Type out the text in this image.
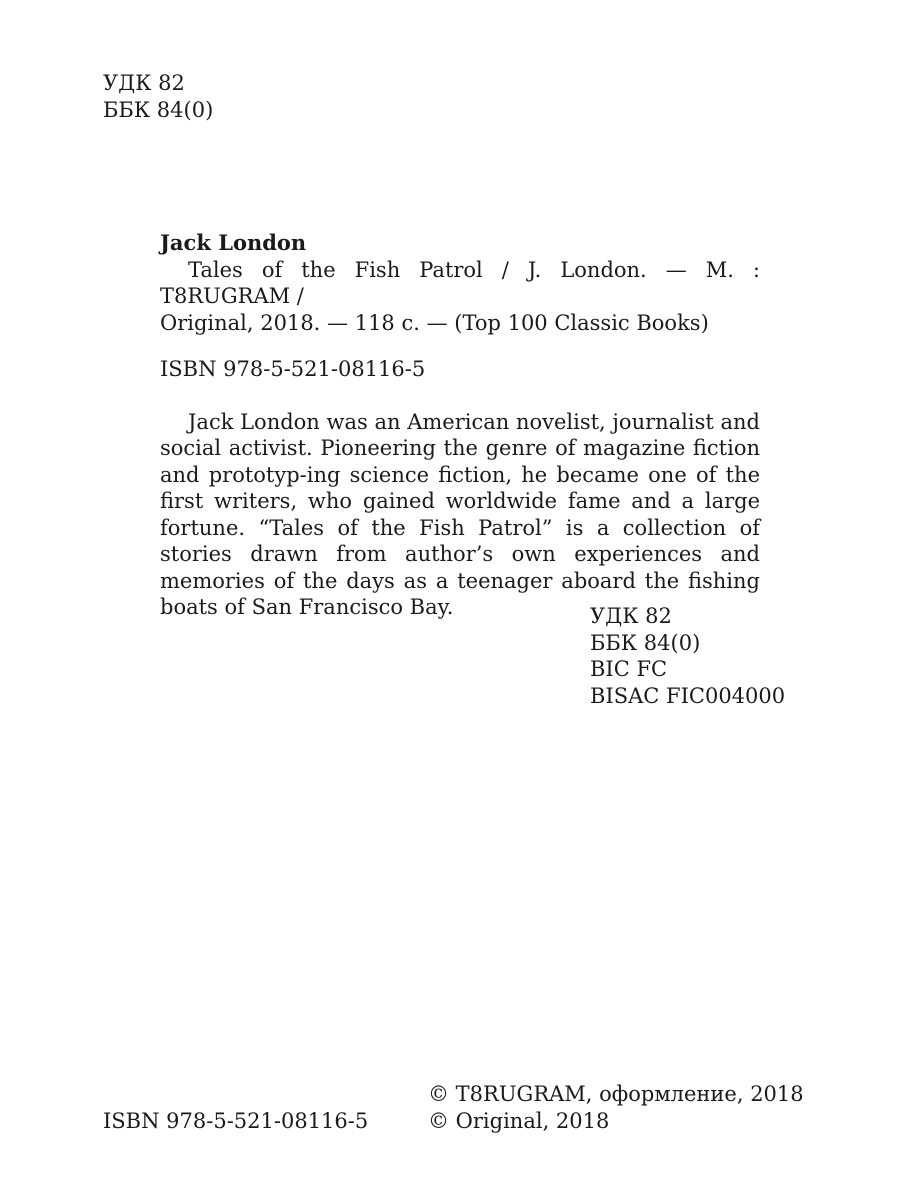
УДК 82
ББК 84(0)
Jack London

Tales of the Fish Patrol / J. London. — M. : T8RUGRAM /
Original, 2018. — 118 с. — (Top 100 Classic Books)

ISBN 978-5-521-08116-5
Jack London was an American novelist, journalist and social activist. Pioneering the genre of magazine fiction and prototyp-ing science fiction, he became one of the first writers, who gained worldwide fame and a large fortune. “Tales of the Fish Patrol” is a collection of stories drawn from author’s own experiences and memories of the days as a teenager aboard the fishing boats of San Francisco Bay.	УДК 82
ББК 84(0)
BIC FC
BISAC FIC004000
ISBN 978-5-521-08116-5
© T8RUGRAM, оформление, 2018
© Original, 2018
